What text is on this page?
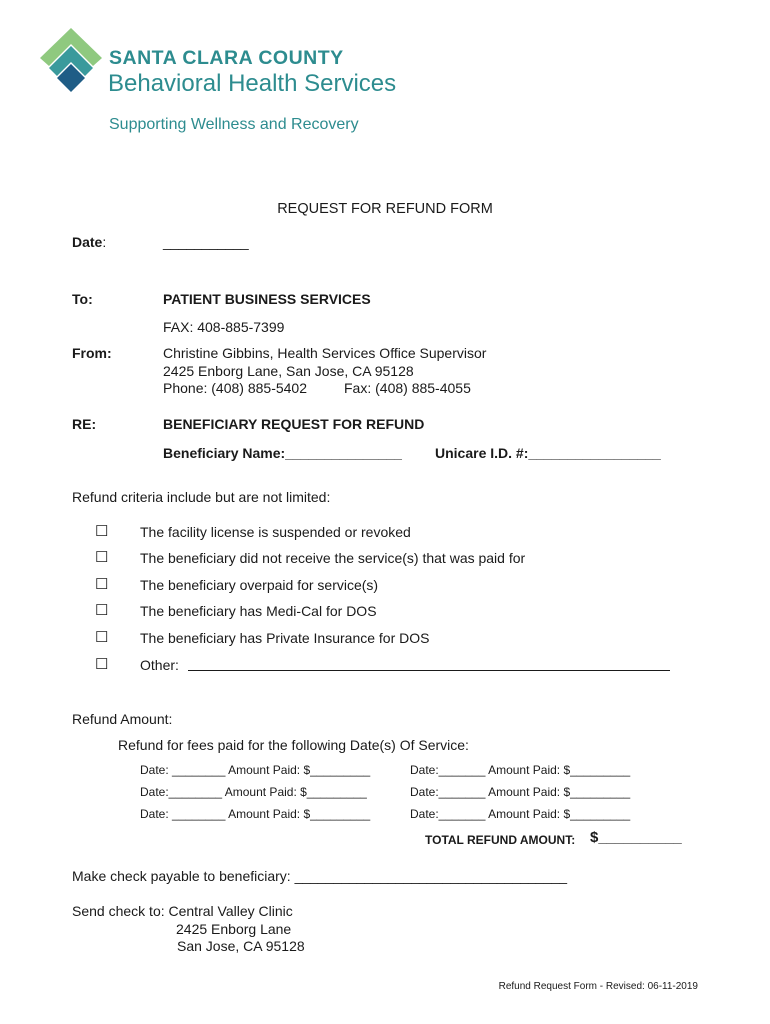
SANTA CLARA COUNTY
Behavioral Health Services
Supporting Wellness and Recovery
REQUEST FOR REFUND FORM
Date:	___________
To:	PATIENT BUSINESS SERVICES
FAX: 408-885-7399
From:	Christine Gibbins, Health Services Office Supervisor
2425 Enborg Lane, San Jose, CA 95128
Phone: (408) 885-5402	Fax: (408) 885-4055
RE:	BENEFICIARY REQUEST FOR REFUND
Beneficiary Name:_______________ Unicare I.D. #:_________________
Refund criteria include but are not limited:
☐ The facility license is suspended or revoked
☐ The beneficiary did not receive the service(s) that was paid for
☐ The beneficiary overpaid for service(s)
☐ The beneficiary has Medi-Cal for DOS
☐ The beneficiary has Private Insurance for DOS
☐ Other:
Refund Amount:
Refund for fees paid for the following Date(s) Of Service:
Date: ________ Amount Paid: $_________	Date:_______ Amount Paid: $_________
Date:________ Amount Paid: $_________	Date:_______ Amount Paid: $_________
Date: ________ Amount Paid: $_________	Date:_______ Amount Paid: $_________
TOTAL REFUND AMOUNT: $__________
Make check payable to beneficiary: ___________________________________
Send check to: Central Valley Clinic
2425 Enborg Lane
San Jose, CA 95128
Refund Request Form - Revised: 06-11-2019
